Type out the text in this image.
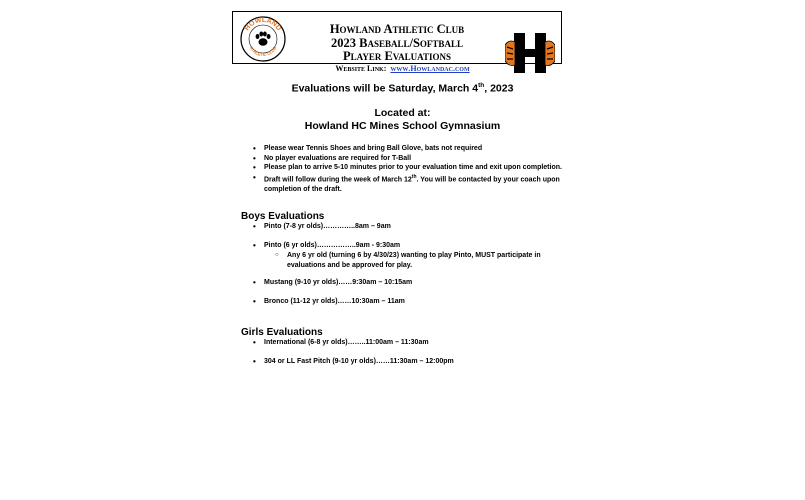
HOWLAND
ATHLETIC CLUB
Howland Athletic Club
2023 Baseball/Softball
Player Evaluations
Website Link: www.Howlandac.com
Evaluations will be Saturday, March 4th, 2023
Located at:
Howland HC Mines School Gymnasium
• Please wear Tennis Shoes and bring Ball Glove, bats not required
• No player evaluations are required for T-Ball
• Please plan to arrive 5-10 minutes prior to your evaluation time and exit upon completion.
• Draft will follow during the week of March 12th. You will be contacted by your coach upon completion of the draft.
Boys Evaluations
• Pinto (7-8 yr olds)…………..8am – 9am
• Pinto (6 yr olds)……………..9am - 9:30am
○ Any 6 yr old (turning 6 by 4/30/23) wanting to play Pinto, MUST participate in evaluations and be approved for play.
• Mustang (9-10 yr olds)……9:30am – 10:15am
• Bronco (11-12 yr olds)……10:30am – 11am
Girls Evaluations
• International (6-8 yr olds)……..11:00am – 11:30am
• 304 or LL Fast Pitch (9-10 yr olds)……11:30am – 12:00pm
